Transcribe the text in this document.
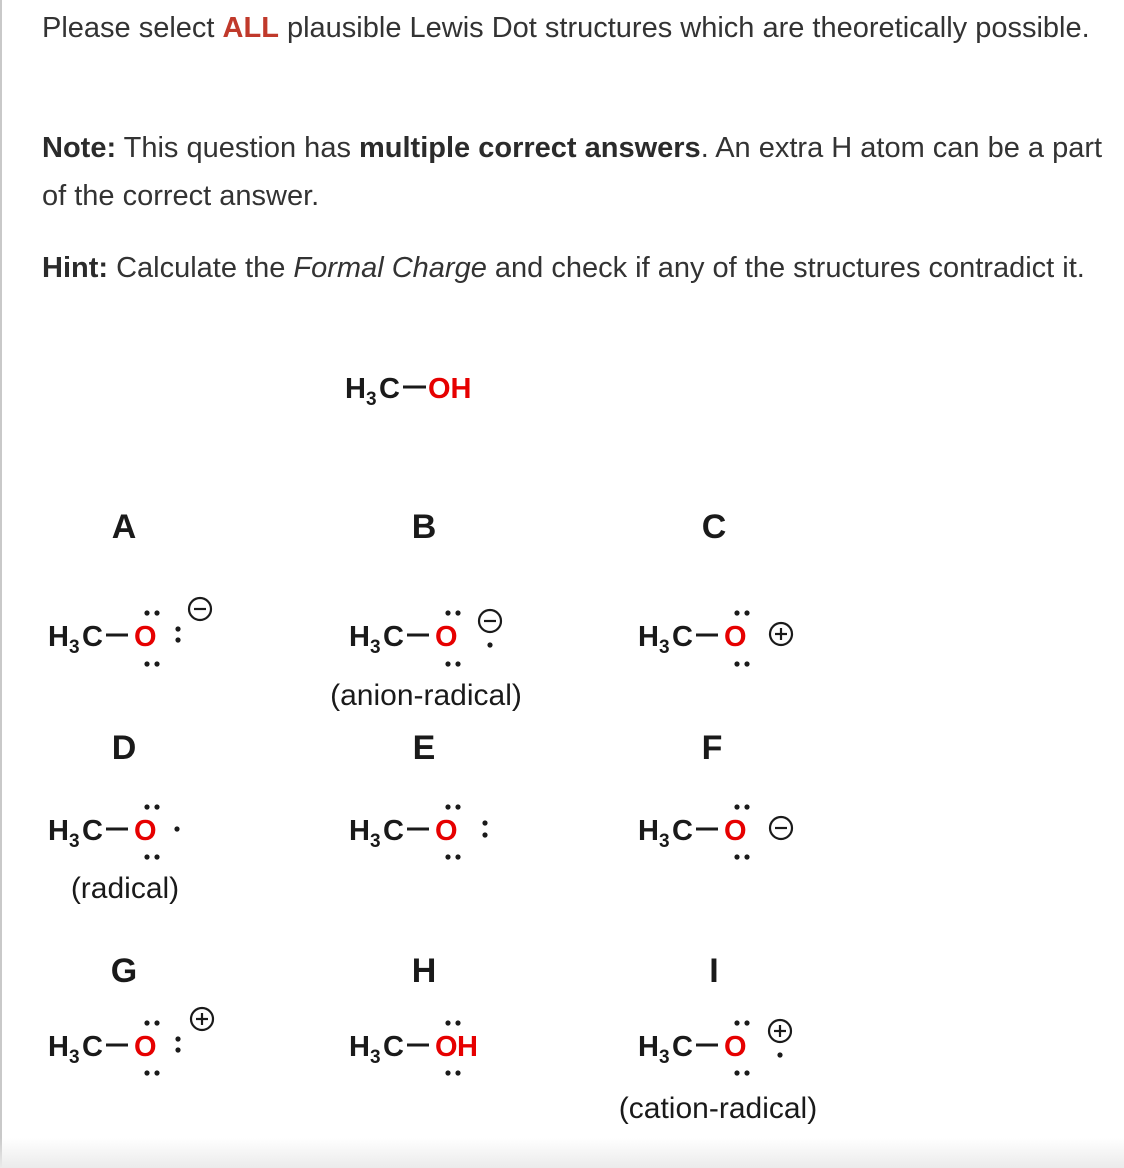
Please select ALL plausible Lewis Dot structures which are theoretically possible.
Note: This question has multiple correct answers. An extra H atom can be a part of the correct answer.
Hint: Calculate the Formal Charge and check if any of the structures contradict it.
H 3 C OH
A
H 3 C O
B
H 3 C O
(anion-radical)
C
H 3 C O
D
H 3 C O
(radical)
E
H 3 C O
F
H 3 C O
G
H 3 C O
H
H 3 C O H
I
H 3 C O
(cation-radical)
